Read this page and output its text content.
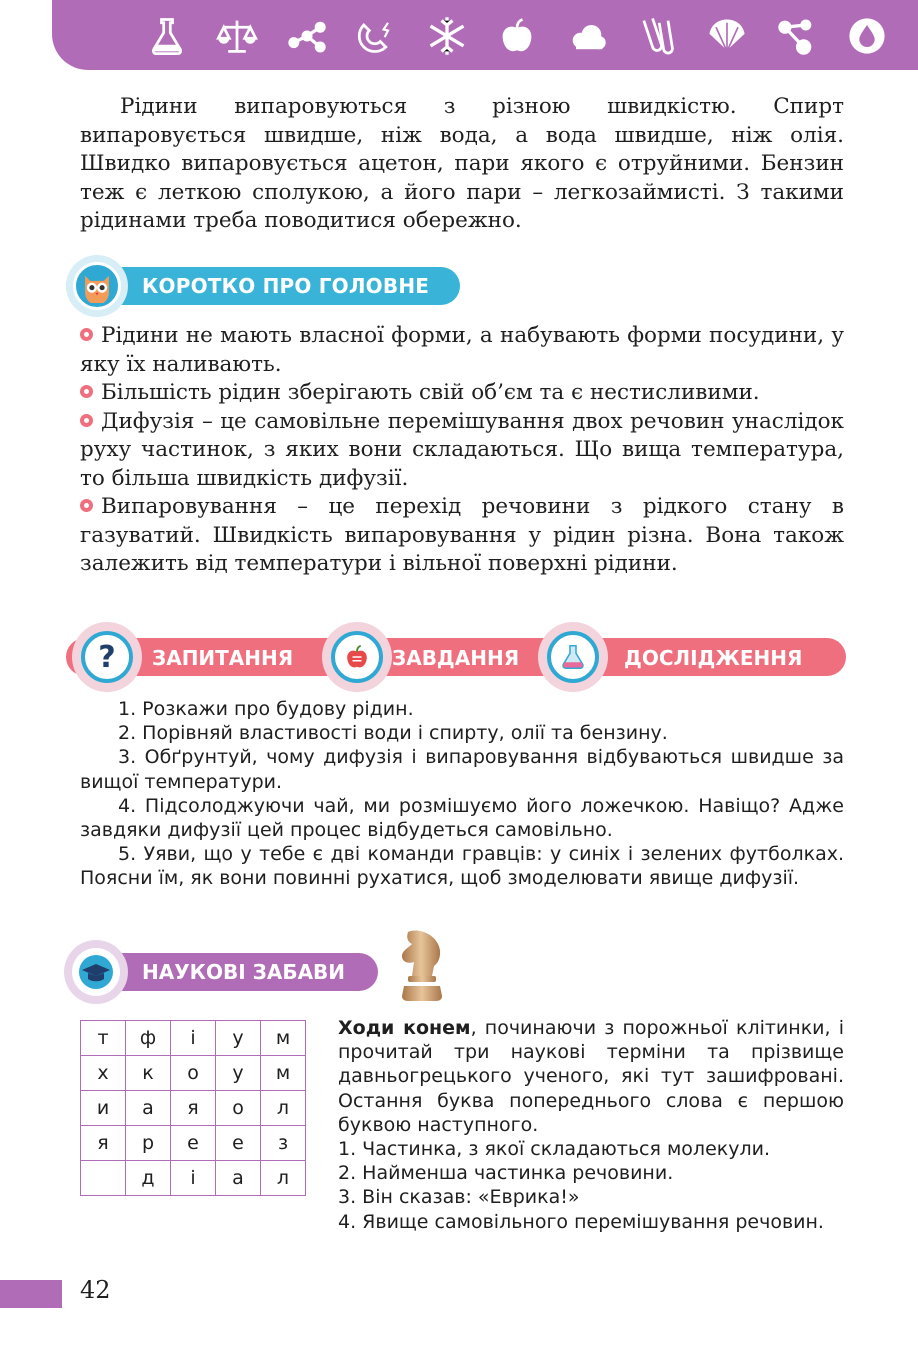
Рідини випаровуються з різною швидкістю. Спирт випаровується швидше, ніж вода, а вода швидше, ніж олія. Швидко випаровується ацетон, пари якого є отруйними. Бензин теж є леткою сполукою, а його пари – легкозаймисті. З такими рідинами треба поводитися обережно.
КОРОТКО ПРО ГОЛОВНЕ

Рідини не мають власної форми, а набувають форми посудини, у яку їх наливають.

Більшість рідин зберігають свій об’єм та є нестисливими.

Дифузія – це самовільне перемішування двох речовин унаслідок руху частинок, з яких вони складаються. Що вища температура, то більша швидкість дифузії.

Випаровування – це перехід речовини з рідкого стану в газуватий. Швидкість випаровування у рідин різна. Вона також залежить від температури і вільної поверхні рідини.

? ЗАПИТАННЯ	ЗАВДАННЯ	ДОСЛІДЖЕННЯ

1. Розкажи про будову рідин.

2. Порівняй властивості води і спирту, олії та бензину.

3. Обґрунтуй, чому дифузія і випаровування відбуваються швидше за вищої температури.

4. Підсолоджуючи чай, ми розмішуємо його ложечкою. Навіщо? Адже завдяки дифузії цей процес відбудеться самовільно.

5. Уяви, що у тебе є дві команди гравців: у синіх і зелених футболках. Поясни їм, як вони повинні рухатися, щоб змоделювати явище дифузії.

НАУКОВІ ЗАБАВИ
т	ф	і	у	м
х	к	о	у	м
и	а	я	о	л
я	р	е	е	з
	д	і	а	л

Ходи конем, починаючи з порожньої клітинки, і прочитай три наукові терміни та прізвище давньогрецького ученого, які тут зашифровані. Остання буква попереднього слова є першою буквою наступного.

1. Частинка, з якої складаються молекули.

2. Найменша частинка речовини.

3. Він сказав: «Еврика!»

4. Явище самовільного перемішування речовин.

42
